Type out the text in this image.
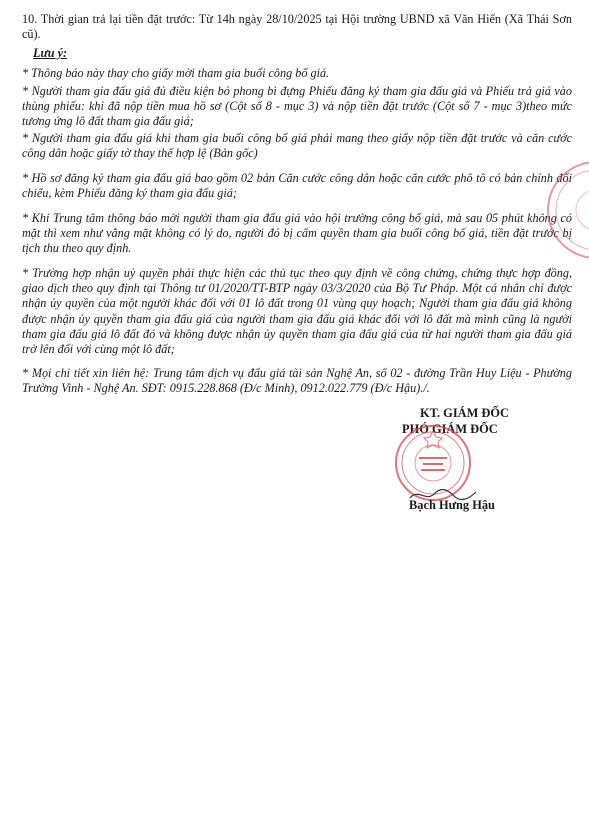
10. Thời gian trả lại tiền đặt trước: Từ 14h ngày 28/10/2025 tại Hội trường UBND xã Văn Hiến (Xã Thái Sơn cũ).

Lưu ý:

* Thông báo này thay cho giấy mời tham gia buổi công bố giá.

* Người tham gia đấu giá đủ điều kiện bỏ phong bì đựng Phiếu đăng ký tham gia đấu giá và Phiếu trả giá vào thùng phiếu: khi đã nộp tiền mua hồ sơ (Cột số 8 - mục 3) và nộp tiền đặt trước (Cột số 7 - mục 3)theo mức tương ứng lô đất tham gia đấu giá;

* Người tham gia đấu giá khi tham gia buổi công bố giá phải mang theo giấy nộp tiền đặt trước và căn cước công dân hoặc giấy tờ thay thế hợp lệ (Bản gốc)

* Hồ sơ đăng ký tham gia đấu giá bao gồm 02 bản Căn cước công dân hoặc căn cước phô tô có bản chính đối chiếu, kèm Phiếu đăng ký tham gia đấu giá;

* Khi Trung tâm thông báo mời người tham gia đấu giá vào hội trường công bố giá, mà sau 05 phút không có mặt thì xem như vắng mặt không có lý do, người đó bị cấm quyền tham gia buổi công bố giá, tiền đặt trước bị tịch thu theo quy định.

* Trường hợp nhận uỷ quyền phải thực hiện các thủ tục theo quy định về công chứng, chứng thực hợp đồng, giao dịch theo quy định tại Thông tư 01/2020/TT-BTP ngày 03/3/2020 của Bộ Tư Pháp. Một cá nhân chỉ được nhận ủy quyền của một người khác đối với 01 lô đất trong 01 vùng quy hoạch; Người tham gia đấu giá không được nhận ủy quyền tham gia đấu giá của người tham gia đấu giá khác đối với lô đất mà mình cũng là người tham gia đấu giá lô đất đó và không được nhận ủy quyền tham gia đấu giá của từ hai người tham gia đấu giá trở lên đối với cùng một lô đất;

* Mọi chi tiết xin liên hệ: Trung tâm dịch vụ đấu giá tài sản Nghệ An, số 02 - đường Trần Huy Liệu - Phường Trường Vinh - Nghệ An. SĐT: 0915.228.868 (Đ/c Minh), 0912.022.779 (Đ/c Hậu)./.

KT. GIÁM ĐỐC
PHÓ GIÁM ĐỐC
Bạch Hưng Hậu
